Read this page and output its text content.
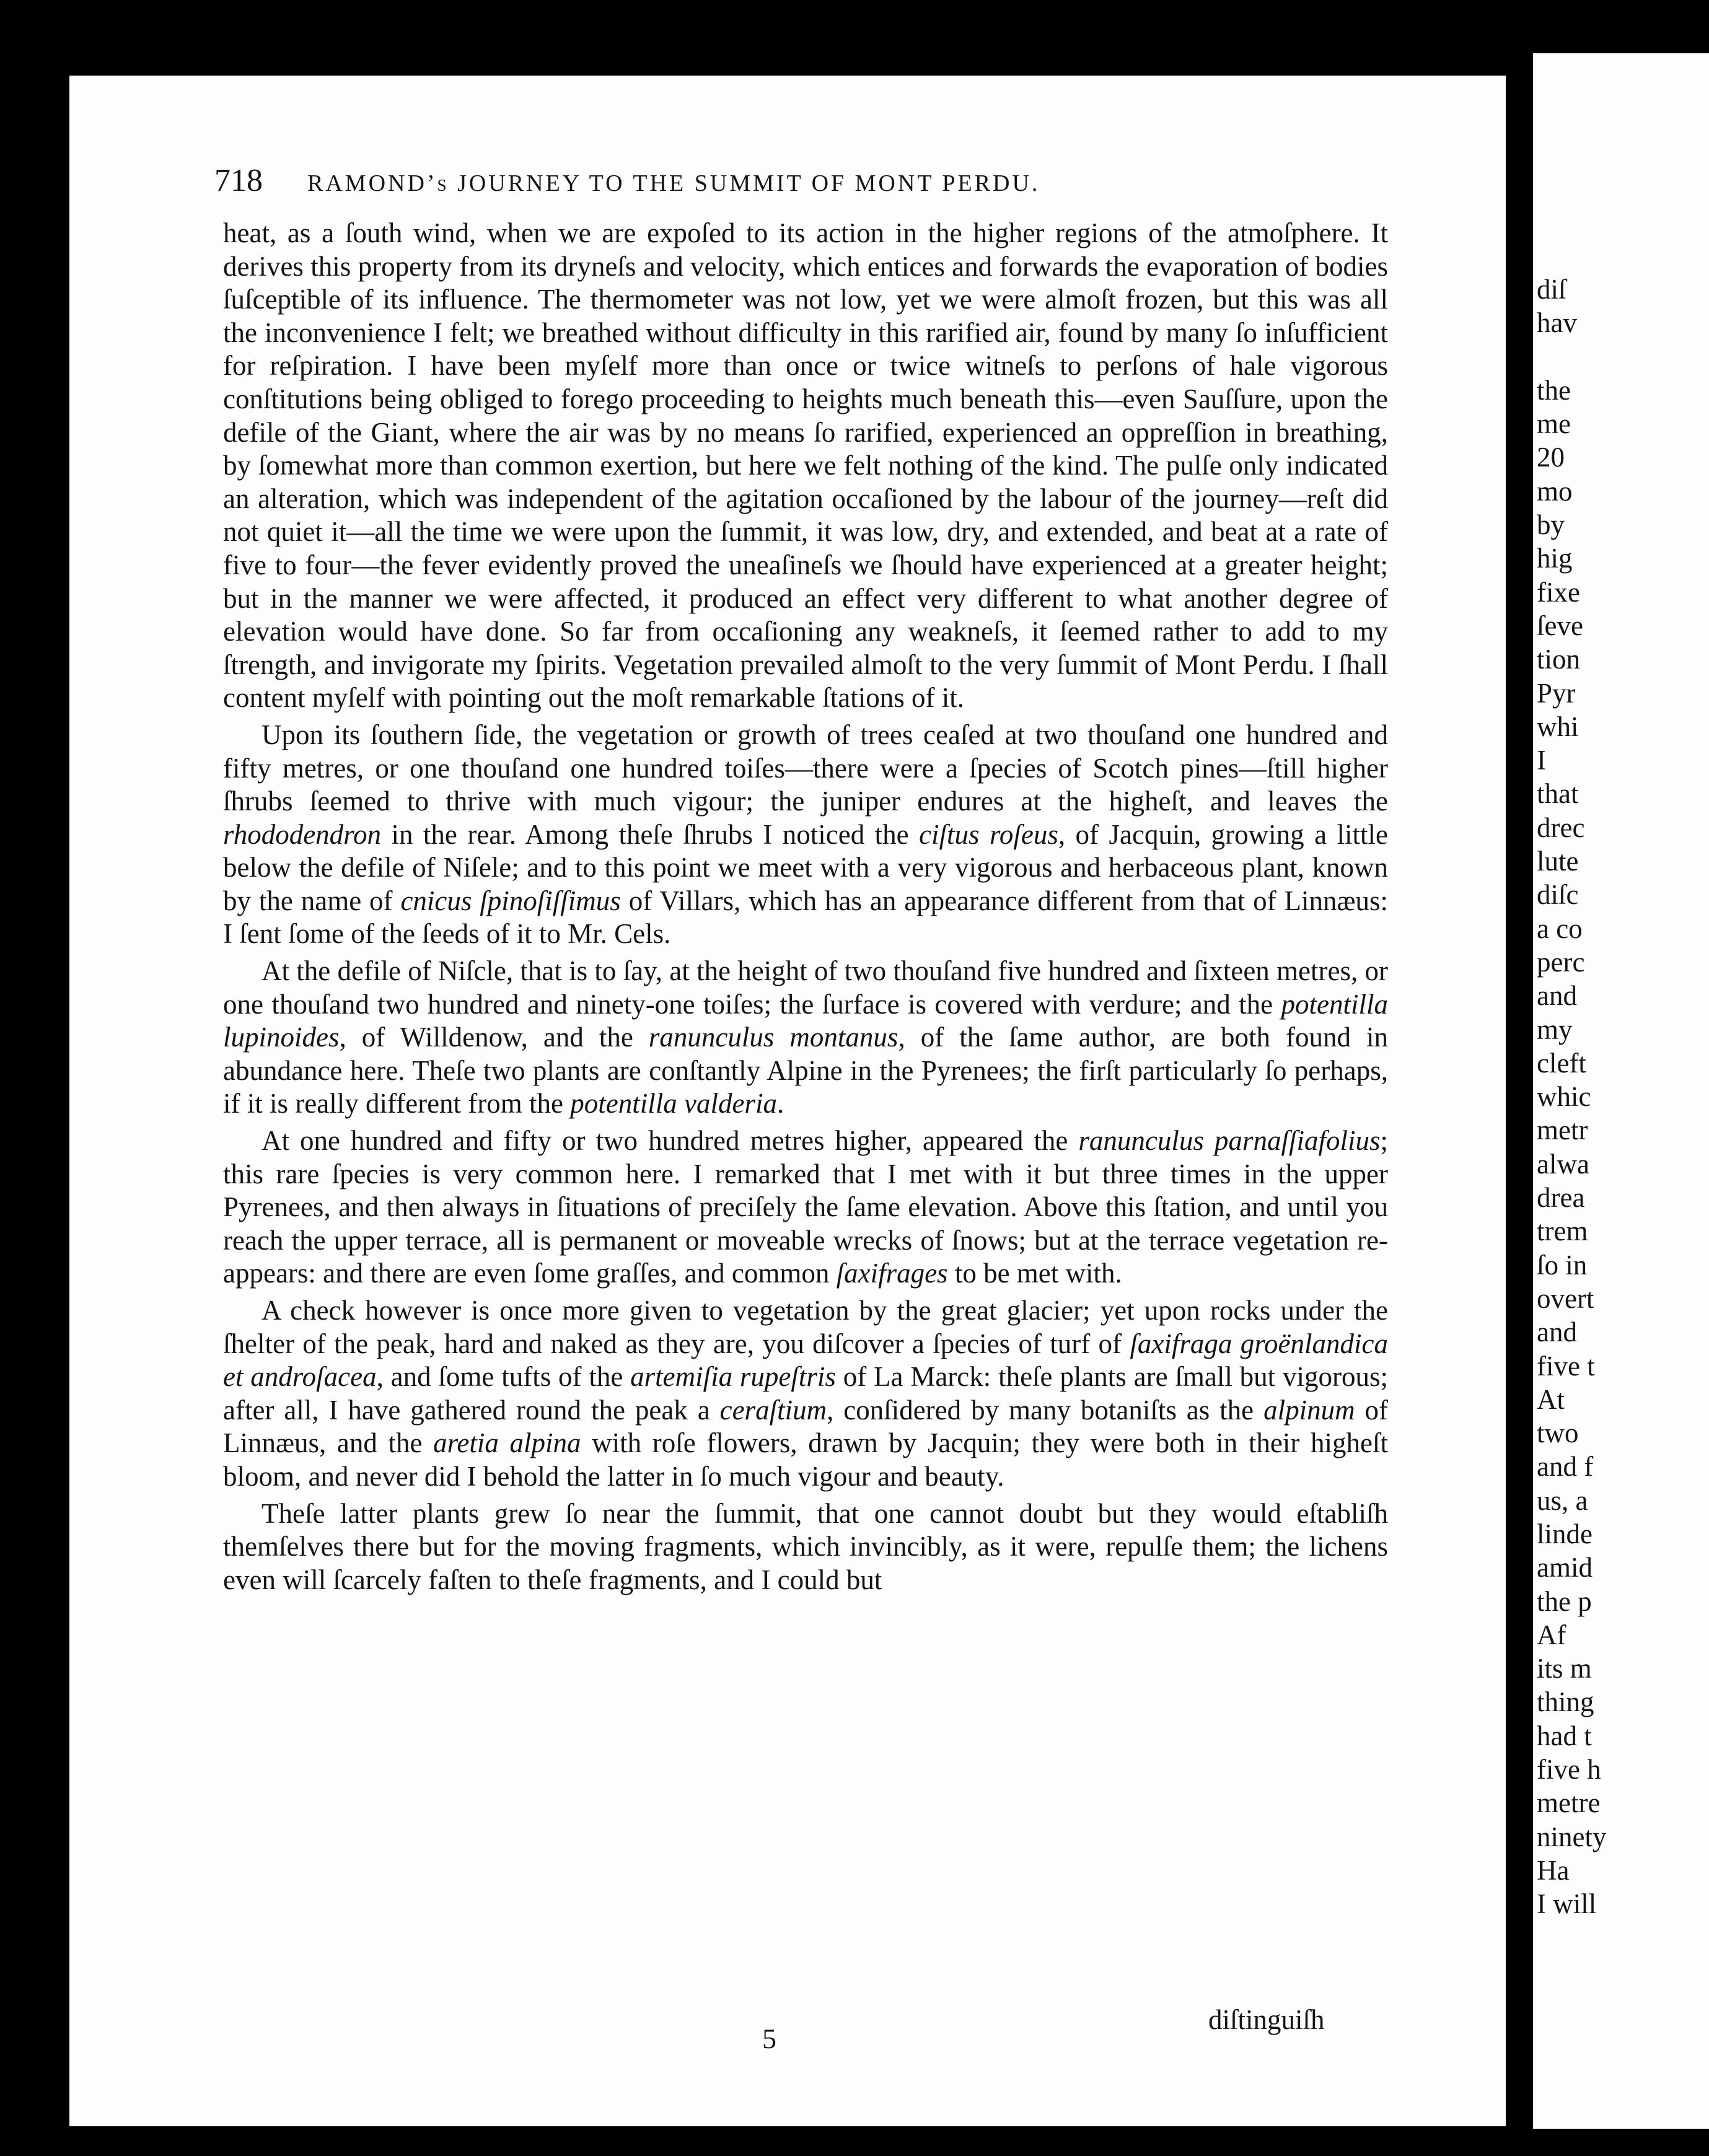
718 RAMOND’s JOURNEY TO THE SUMMIT OF MONT PERDU.

heat, as a ſouth wind, when we are expoſed to its action in the higher regions of the atmoſphere. It derives this property from its dryneſs and velocity, which entices and forwards the evaporation of bodies ſuſceptible of its influence. The thermometer was not low, yet we were almoſt frozen, but this was all the inconvenience I felt; we breathed without difficulty in this rarified air, found by many ſo inſufficient for reſpiration. I have been myſelf more than once or twice witneſs to perſons of hale vigorous conſtitutions being obliged to forego proceeding to heights much beneath this—even Sauſſure, upon the defile of the Giant, where the air was by no means ſo rarified, experienced an oppreſſion in breathing, by ſomewhat more than common exertion, but here we felt nothing of the kind. The pulſe only indicated an alteration, which was independent of the agitation occaſioned by the labour of the journey—reſt did not quiet it—all the time we were upon the ſummit, it was low, dry, and extended, and beat at a rate of five to four—the fever evidently proved the uneaſineſs we ſhould have experienced at a greater height; but in the manner we were affected, it produced an effect very different to what another degree of elevation would have done. So far from occaſioning any weakneſs, it ſeemed rather to add to my ſtrength, and invigorate my ſpirits. Vegetation prevailed almoſt to the very ſummit of Mont Perdu. I ſhall content myſelf with pointing out the moſt remarkable ſtations of it.

Upon its ſouthern ſide, the vegetation or growth of trees ceaſed at two thouſand one hundred and fifty metres, or one thouſand one hundred toiſes—there were a ſpecies of Scotch pines—ſtill higher ſhrubs ſeemed to thrive with much vigour; the juniper endures at the higheſt, and leaves the rhododendron in the rear. Among theſe ſhrubs I noticed the ciſtus roſeus, of Jacquin, growing a little below the defile of Niſele; and to this point we meet with a very vigorous and herbaceous plant, known by the name of cnicus ſpinoſiſſimus of Villars, which has an appearance different from that of Linnæus: I ſent ſome of the ſeeds of it to Mr. Cels.

At the defile of Niſcle, that is to ſay, at the height of two thouſand five hundred and ſixteen metres, or one thouſand two hundred and ninety-one toiſes; the ſurface is covered with verdure; and the potentilla lupinoides, of Willdenow, and the ranunculus montanus, of the ſame author, are both found in abundance here. Theſe two plants are conſtantly Alpine in the Pyrenees; the firſt particularly ſo perhaps, if it is really different from the potentilla valderia.

At one hundred and fifty or two hundred metres higher, appeared the ranunculus parnaſſiafolius; this rare ſpecies is very common here. I remarked that I met with it but three times in the upper Pyrenees, and then always in ſituations of preciſely the ſame elevation. Above this ſtation, and until you reach the upper terrace, all is permanent or moveable wrecks of ſnows; but at the terrace vegetation re-appears: and there are even ſome graſſes, and common ſaxifrages to be met with.

A check however is once more given to vegetation by the great glacier; yet upon rocks under the ſhelter of the peak, hard and naked as they are, you diſcover a ſpecies of turf of ſaxifraga groënlandica et androſacea, and ſome tufts of the artemiſia rupeſtris of La Marck: theſe plants are ſmall but vigorous; after all, I have gathered round the peak a ceraſtium, conſidered by many botaniſts as the alpinum of Linnæus, and the aretia alpina with roſe flowers, drawn by Jacquin; they were both in their higheſt bloom, and never did I behold the latter in ſo much vigour and beauty.

Theſe latter plants grew ſo near the ſummit, that one cannot doubt but they would eſtabliſh themſelves there but for the moving fragments, which invincibly, as it were, repulſe them; the lichens even will ſcarcely faſten to theſe fragments, and I could but

5
diſtinguiſh
diſ
hav
the
me
20
mo
by
hig
fixe
ſeve
tion
Pyr
whi
I
that
drec
lute
diſc
a co
perc
and
my
cleft
whic
metr
alwa
drea
trem
ſo in
overt
and
five t
At
two
and f
us, a
linde
amid
the p
Af
its m
thing
had t
five h
metre
ninety
Ha
I will
